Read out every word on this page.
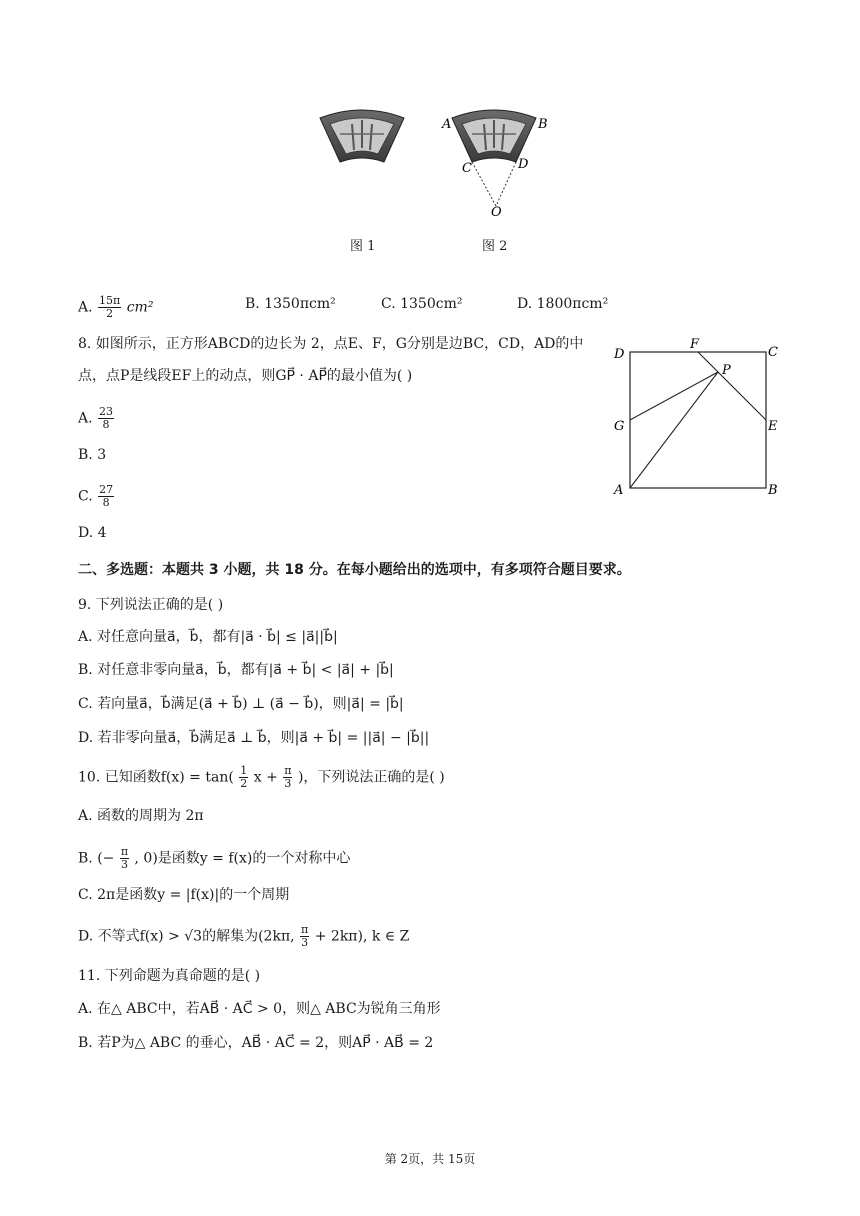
A	B
C	D
O
图 1	图 2
A. $\frac{15\pi}{2} cm^2$	B. 1350πcm²	C. 1350cm²	D. 1800πcm²
8. 如图所示，正方形ABCD的边长为 2，点E、F，G分别是边BC，CD，AD的中
点，点P是线段EF上的动点，则GP⃗ · AP⃗的最小值为( )
A. $\frac{23}{8}$
B. 3
C. $\frac{27}{8}$
D. 4
D
F
C
P
G	E
A	B
二、多选题：本题共 3 小题，共 18 分。在每小题给出的选项中，有多项符合题目要求。
9. 下列说法正确的是( )
A. 对任意向量a⃗，b⃗，都有|a⃗ · b⃗| ≤ |a⃗||b⃗|
B. 对任意非零向量a⃗，b⃗，都有|a⃗ + b⃗| < |a⃗| + |b⃗|
C. 若向量a⃗，b⃗满足(a⃗ + b⃗) ⊥ (a⃗ − b⃗)，则|a⃗| = |b⃗|
D. 若非零向量a⃗，b⃗满足a⃗ ⊥ b⃗，则|a⃗ + b⃗| = ||a⃗| − |b⃗||
10. 已知函数$f(x) = \tan( \frac{1}{2}$ $x + \frac{\pi}{3}$ )，下列说法正确的是( )
A. 函数的周期为 2π
B. (− $\frac{\pi}{3}$ , 0)是函数y = f(x)的一个对称中心
C. 2π是函数y = |f(x)|的一个周期
D. 不等式f(x) > √3的解集为(2kπ, $\frac{\pi}{3} + 2k\pi$), k ∈ Z
11. 下列命题为真命题的是( )
A. 在△ ABC中，若AB⃗ · AC⃗ > 0，则△ ABC为锐角三角形
B. 若P为△ ABC 的垂心，AB⃗ · AC⃗ = 2，则AP⃗ · AB⃗ = 2
第 2页，共 15页
